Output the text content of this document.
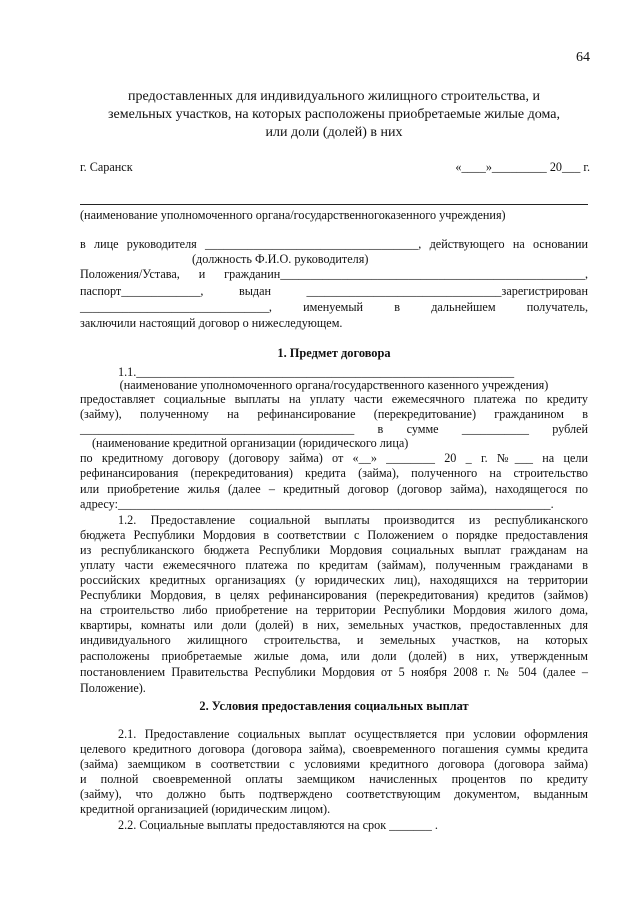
64
предоставленных для индивидуального жилищного строительства, и
земельных участков, на которых расположены приобретаемые жилые дома,
или доли (долей) в них
г. Саранск	«____»_________ 20___ г.
(наименование уполномоченного органа/государственногоказенного учреждения)
в лице руководителя ___________________________________, действующего на основании
(должность Ф.И.О. руководителя)
Положения/Устава, и гражданин__________________________________________________,
паспорт_____________, выдан ________________________________зарегистрирован
_______________________________, именуемый в дальнейшем получатель,
заключили настоящий договор о нижеследующем.
1. Предмет договора
1.1.______________________________________________________________
(наименование уполномоченного органа/государственного казенного учреждения)
предоставляет социальные выплаты на уплату части ежемесячного платежа по кредиту
(займу), полученному на рефинансирование (перекредитование) гражданином в
_____________________________________________ в сумме ___________ рублей
(наименование кредитной организации (юридического лица)
по кредитному договору (договору займа) от «__» ________ 20 _ г. №___ на цели
рефинансирования (перекредитования) кредита (займа), полученного на строительство
или приобретение жилья (далее – кредитный договор (договор займа), находящегося по
адресу:_______________________________________________________________________.
1.2. Предоставление социальной выплаты производится из республиканского
бюджета Республики Мордовия в соответствии с Положением о порядке предоставления
из республиканского бюджета Республики Мордовия социальных выплат гражданам на
уплату части ежемесячного платежа по кредитам (займам), полученным гражданами в
российских кредитных организациях (у юридических лиц), находящихся на территории
Республики Мордовия, в целях рефинансирования (перекредитования) кредитов (займов)
на строительство либо приобретение на территории Республики Мордовия жилого дома,
квартиры, комнаты или доли (долей) в них, земельных участков, предоставленных для
индивидуального жилищного строительства, и земельных участков, на которых
расположены приобретаемые жилые дома, или доли (долей) в них, утвержденным
постановлением Правительства Республики Мордовия от 5 ноября 2008 г. № 504 (далее –
Положение).
2. Условия предоставления социальных выплат
2.1. Предоставление социальных выплат осуществляется при условии оформления
целевого кредитного договора (договора займа), своевременного погашения суммы кредита
(займа) заемщиком в соответствии с условиями кредитного договора (договора займа)
и полной своевременной оплаты заемщиком начисленных процентов по кредиту
(займу), что должно быть подтверждено соответствующим документом, выданным
кредитной организацией (юридическим лицом).
2.2. Социальные выплаты предоставляются на срок _______ .
